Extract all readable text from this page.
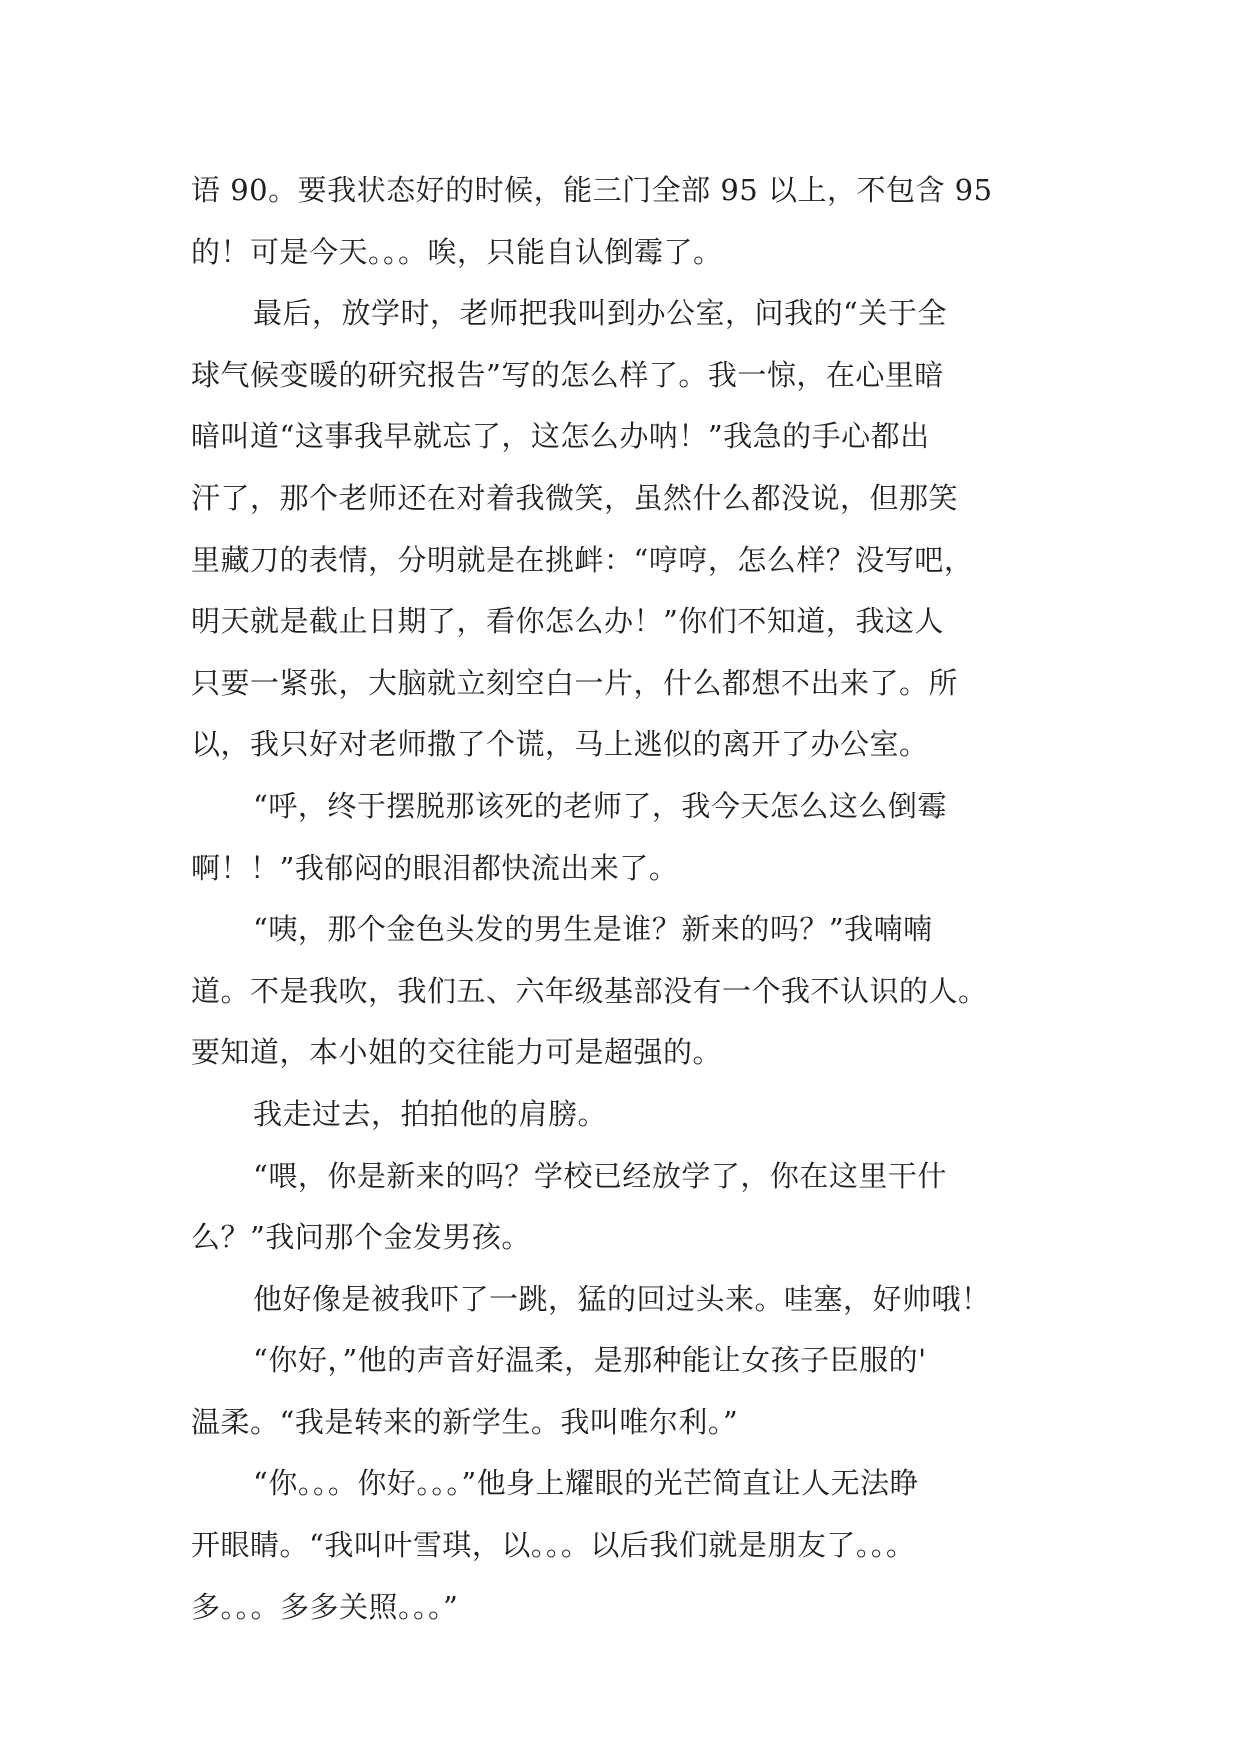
语 90。要我状态好的时候，能三门全部 95 以上，不包含 95
的！可是今天。。。唉，只能自认倒霉了。
最后，放学时，老师把我叫到办公室，问我的“关于全
球气候变暖的研究报告”写的怎么样了。我一惊，在心里暗
暗叫道“这事我早就忘了，这怎么办呐！”我急的手心都出
汗了，那个老师还在对着我微笑，虽然什么都没说，但那笑
里藏刀的表情，分明就是在挑衅：“哼哼，怎么样？没写吧，
明天就是截止日期了，看你怎么办！”你们不知道，我这人
只要一紧张，大脑就立刻空白一片，什么都想不出来了。所
以，我只好对老师撒了个谎，马上逃似的离开了办公室。
“呼，终于摆脱那该死的老师了，我今天怎么这么倒霉
啊！！”我郁闷的眼泪都快流出来了。
“咦，那个金色头发的男生是谁？新来的吗？”我喃喃
道。不是我吹，我们五、六年级基部没有一个我不认识的人。
要知道，本小姐的交往能力可是超强的。
我走过去，拍拍他的肩膀。
“喂，你是新来的吗？学校已经放学了，你在这里干什
么？”我问那个金发男孩。
他好像是被我吓了一跳，猛的回过头来。哇塞，好帅哦！
“你好，”他的声音好温柔，是那种能让女孩子臣服的'
温柔。“我是转来的新学生。我叫唯尔利。”
“你。。。你好。。。”他身上耀眼的光芒简直让人无法睁
开眼睛。“我叫叶雪琪，以。。。以后我们就是朋友了。。。
多。。。多多关照。。。”
